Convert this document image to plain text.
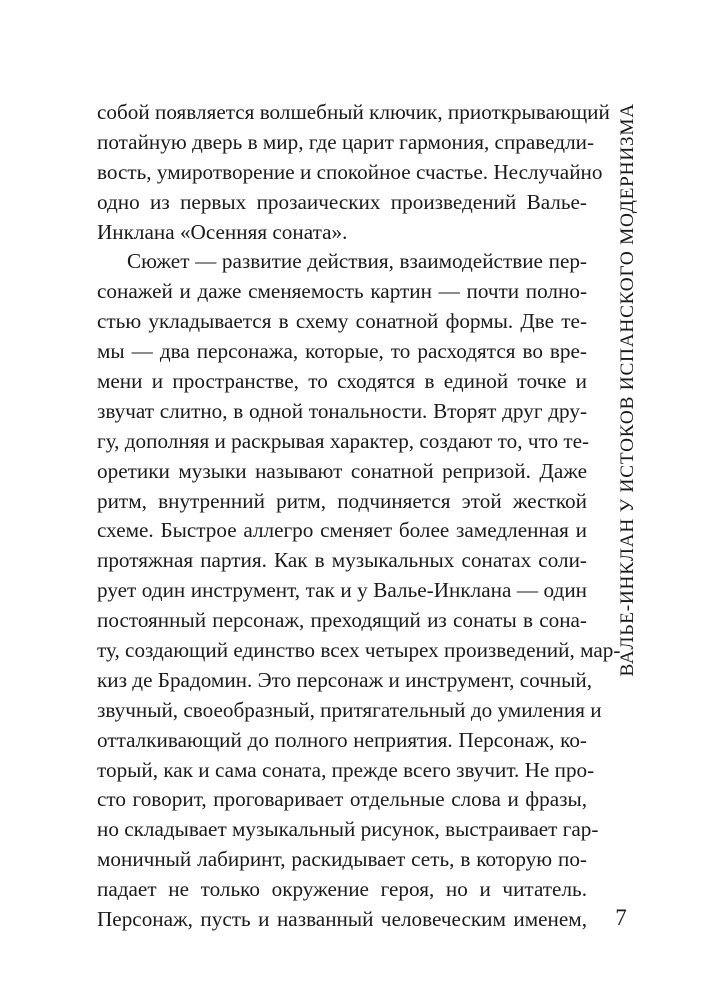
собой появляется волшебный ключик, приоткрывающий
потайную дверь в мир, где царит гармония, справедли-
вость, умиротворение и спокойное счастье. Неслучайно
одно из первых прозаических произведений Валье-
Инклана «Осенняя соната».
Сюжет — развитие действия, взаимодействие пер-
сонажей и даже сменяемость картин — почти полно-
стью укладывается в схему сонатной формы. Две те-
мы — два персонажа, которые, то расходятся во вре-
мени и пространстве, то сходятся в единой точке и
звучат слитно, в одной тональности. Вторят друг дру-
гу, дополняя и раскрывая характер, создают то, что те-
оретики музыки называют сонатной репризой. Даже
ритм, внутренний ритм, подчиняется этой жесткой
схеме. Быстрое аллегро сменяет более замедленная и
протяжная партия. Как в музыкальных сонатах соли-
рует один инструмент, так и у Валье-Инклана — один
постоянный персонаж, преходящий из сонаты в сона-
ту, создающий единство всех четырех произведений, мар-
киз де Брадомин. Это персонаж и инструмент, сочный,
звучный, своеобразный, притягательный до умиления и
отталкивающий до полного неприятия. Персонаж, ко-
торый, как и сама соната, прежде всего звучит. Не про-
сто говорит, проговаривает отдельные слова и фразы,
но складывает музыкальный рисунок, выстраивает гар-
моничный лабиринт, раскидывает сеть, в которую по-
падает не только окружение героя, но и читатель.
Персонаж, пусть и названный человеческим именем,
ВАЛЬЕ-ИНКЛАН У ИСТОКОВ ИСПАНСКОГО МОДЕРНИЗМА
7
